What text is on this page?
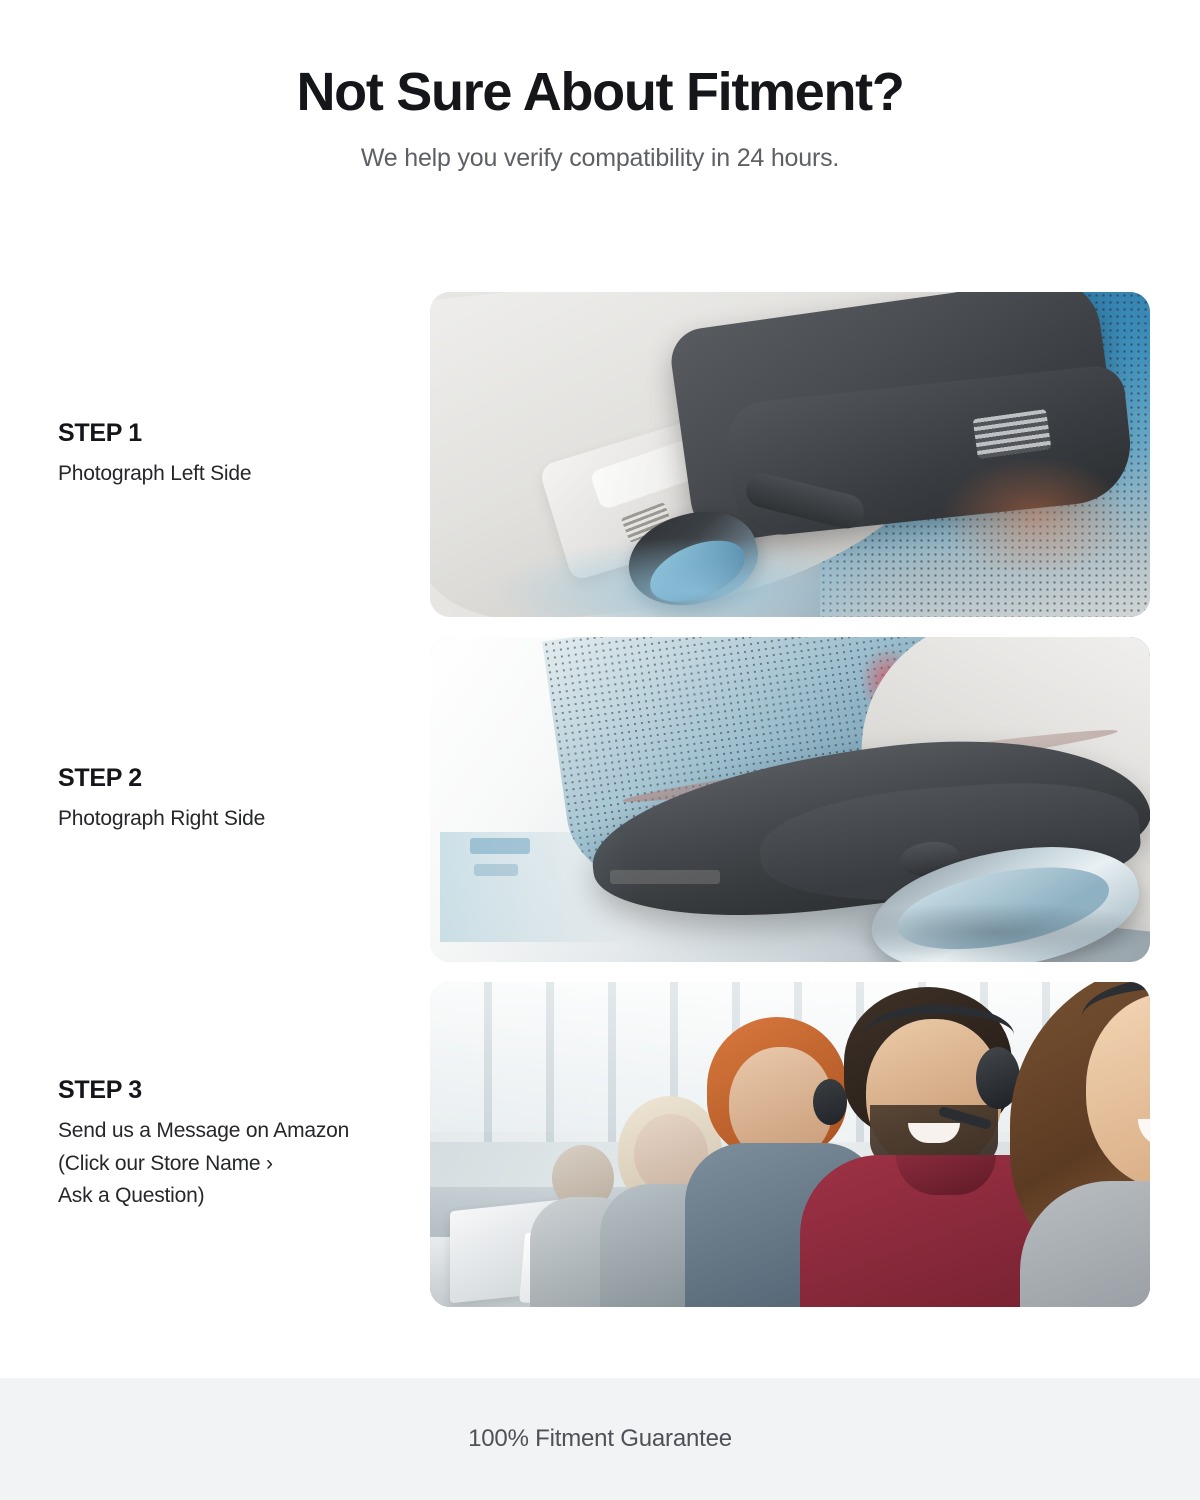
Not Sure About Fitment?

We help you verify compatibility in 24 hours.

STEP 1
Photograph Left Side
STEP 2
Photograph Right Side
STEP 3
Send us a Message on Amazon
(Click our Store Name ›
Ask a Question)
100% Fitment Guarantee
